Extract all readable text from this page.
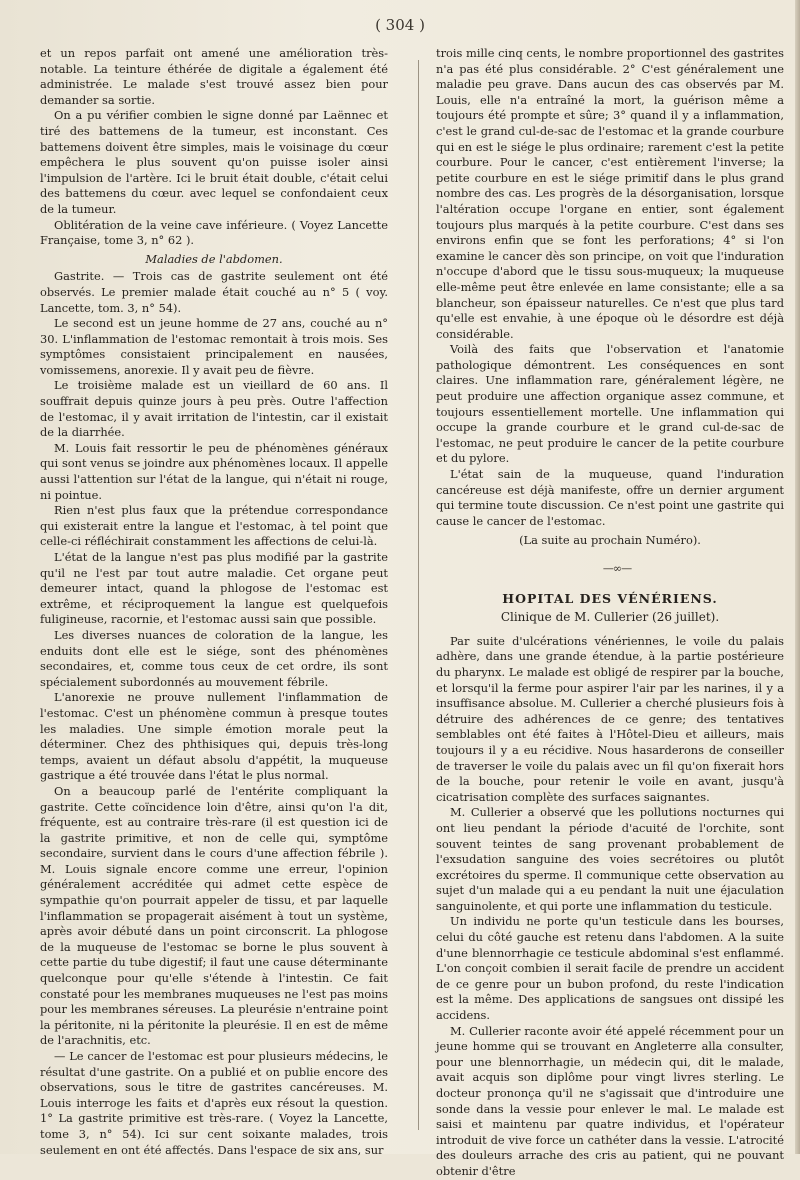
( 304 )

et un repos parfait ont amené une amélioration très-notable. La teinture éthérée de digitale a également été administrée. Le malade s'est trouvé assez bien pour demander sa sortie.

On a pu vérifier combien le signe donné par Laënnec et tiré des battemens de la tumeur, est inconstant. Ces battemens doivent être simples, mais le voisinage du cœur empêchera le plus souvent qu'on puisse isoler ainsi l'impulsion de l'artère. Ici le bruit était double, c'était celui des battemens du cœur. avec lequel se confondaient ceux de la tumeur.

Oblitération de la veine cave inférieure. ( Voyez Lancette Française, tome 3, n° 62 ).

Maladies de l'abdomen.

Gastrite. — Trois cas de gastrite seulement ont été observés. Le premier malade était couché au n° 5 ( voy. Lancette, tom. 3, n° 54).

Le second est un jeune homme de 27 ans, couché au n° 30. L'inflammation de l'estomac remontait à trois mois. Ses symptômes consistaient principalement en nausées, vomissemens, anorexie. Il y avait peu de fièvre.

Le troisième malade est un vieillard de 60 ans. Il souffrait depuis quinze jours à peu près. Outre l'affection de l'estomac, il y avait irritation de l'intestin, car il existait de la diarrhée.

M. Louis fait ressortir le peu de phénomènes généraux qui sont venus se joindre aux phénomènes locaux. Il appelle aussi l'attention sur l'état de la langue, qui n'était ni rouge, ni pointue.

Rien n'est plus faux que la prétendue correspondance qui existerait entre la langue et l'estomac, à tel point que celle-ci réfléchirait constamment les affections de celui-là.

L'état de la langue n'est pas plus modifié par la gastrite qu'il ne l'est par tout autre maladie. Cet organe peut demeurer intact, quand la phlogose de l'estomac est extrême, et réciproquement la langue est quelquefois fuligineuse, racornie, et l'estomac aussi sain que possible.

Les diverses nuances de coloration de la langue, les enduits dont elle est le siége, sont des phénomènes secondaires, et, comme tous ceux de cet ordre, ils sont spécialement subordonnés au mouvement fébrile.

L'anorexie ne prouve nullement l'inflammation de l'estomac. C'est un phénomène commun à presque toutes les maladies. Une simple émotion morale peut la déterminer. Chez des phthisiques qui, depuis très-long temps, avaient un défaut absolu d'appétit, la muqueuse gastrique a été trouvée dans l'état le plus normal.

On a beaucoup parlé de l'entérite compliquant la gastrite. Cette coïncidence loin d'être, ainsi qu'on l'a dit, fréquente, est au contraire très-rare (il est question ici de la gastrite primitive, et non de celle qui, symptôme secondaire, survient dans le cours d'une affection fébrile ). M. Louis signale encore comme une erreur, l'opinion généralement accréditée qui admet cette espèce de sympathie qu'on pourrait appeler de tissu, et par laquelle l'inflammation se propagerait aisément à tout un système, après avoir débuté dans un point circonscrit. La phlogose de la muqueuse de l'estomac se borne le plus souvent à cette partie du tube digestif; il faut une cause déterminante quelconque pour qu'elle s'étende à l'intestin. Ce fait constaté pour les membranes muqueuses ne l'est pas moins pour les membranes séreuses. La pleurésie n'entraine point la péritonite, ni la péritonite la pleurésie. Il en est de même de l'arachnitis, etc.

— Le cancer de l'estomac est pour plusieurs médecins, le résultat d'une gastrite. On a publié et on publie encore des observations, sous le titre de gastrites cancéreuses. M. Louis interroge les faits et d'après eux résout la question. 1° La gastrite primitive est très-rare. ( Voyez la Lancette, tome 3, n° 54). Ici sur cent soixante malades, trois seulement en ont été affectés. Dans l'espace de six ans, sur

trois mille cinq cents, le nombre proportionnel des gastrites n'a pas été plus considérable. 2° C'est généralement une maladie peu grave. Dans aucun des cas observés par M. Louis, elle n'a entraîné la mort, la guérison même a toujours été prompte et sûre; 3° quand il y a inflammation, c'est le grand cul-de-sac de l'estomac et la grande courbure qui en est le siége le plus ordinaire; rarement c'est la petite courbure. Pour le cancer, c'est entièrement l'inverse; la petite courbure en est le siége primitif dans le plus grand nombre des cas. Les progrès de la désorganisation, lorsque l'altération occupe l'organe en entier, sont également toujours plus marqués à la petite courbure. C'est dans ses environs enfin que se font les perforations; 4° si l'on examine le cancer dès son principe, on voit que l'induration n'occupe d'abord que le tissu sous-muqueux; la muqueuse elle-même peut être enlevée en lame consistante; elle a sa blancheur, son épaisseur naturelles. Ce n'est que plus tard qu'elle est envahie, à une époque où le désordre est déjà considérable.

Voilà des faits que l'observation et l'anatomie pathologique démontrent. Les conséquences en sont claires. Une inflammation rare, généralement légère, ne peut produire une affection organique assez commune, et toujours essentiellement mortelle. Une inflammation qui occupe la grande courbure et le grand cul-de-sac de l'estomac, ne peut produire le cancer de la petite courbure et du pylore.

L'état sain de la muqueuse, quand l'induration cancéreuse est déjà manifeste, offre un dernier argument qui termine toute discussion. Ce n'est point une gastrite qui cause le cancer de l'estomac.

(La suite au prochain Numéro).

—∞—

HOPITAL DES VÉNÉRIENS.

Clinique de M. Cullerier (26 juillet).

Par suite d'ulcérations vénériennes, le voile du palais adhère, dans une grande étendue, à la partie postérieure du pharynx. Le malade est obligé de respirer par la bouche, et lorsqu'il la ferme pour aspirer l'air par les narines, il y a insuffisance absolue. M. Cullerier a cherché plusieurs fois à détruire des adhérences de ce genre; des tentatives semblables ont été faites à l'Hôtel-Dieu et ailleurs, mais toujours il y a eu récidive. Nous hasarderons de conseiller de traverser le voile du palais avec un fil qu'on fixerait hors de la bouche, pour retenir le voile en avant, jusqu'à cicatrisation complète des surfaces saignantes.

M. Cullerier a observé que les pollutions nocturnes qui ont lieu pendant la période d'acuité de l'orchite, sont souvent teintes de sang provenant probablement de l'exsudation sanguine des voies secrétoires ou plutôt excrétoires du sperme. Il communique cette observation au sujet d'un malade qui a eu pendant la nuit une éjaculation sanguinolente, et qui porte une inflammation du testicule.

Un individu ne porte qu'un testicule dans les bourses, celui du côté gauche est retenu dans l'abdomen. A la suite d'une blennorrhagie ce testicule abdominal s'est enflammé. L'on conçoit combien il serait facile de prendre un accident de ce genre pour un bubon profond, du reste l'indication est la même. Des applications de sangsues ont dissipé les accidens.

M. Cullerier raconte avoir été appelé récemment pour un jeune homme qui se trouvant en Angleterre alla consulter, pour une blennorrhagie, un médecin qui, dit le malade, avait acquis son diplôme pour vingt livres sterling. Le docteur prononça qu'il ne s'agissait que d'introduire une sonde dans la vessie pour enlever le mal. Le malade est saisi et maintenu par quatre individus, et l'opérateur introduit de vive force un cathéter dans la vessie. L'atrocité des douleurs arrache des cris au patient, qui ne pouvant obtenir d'être
